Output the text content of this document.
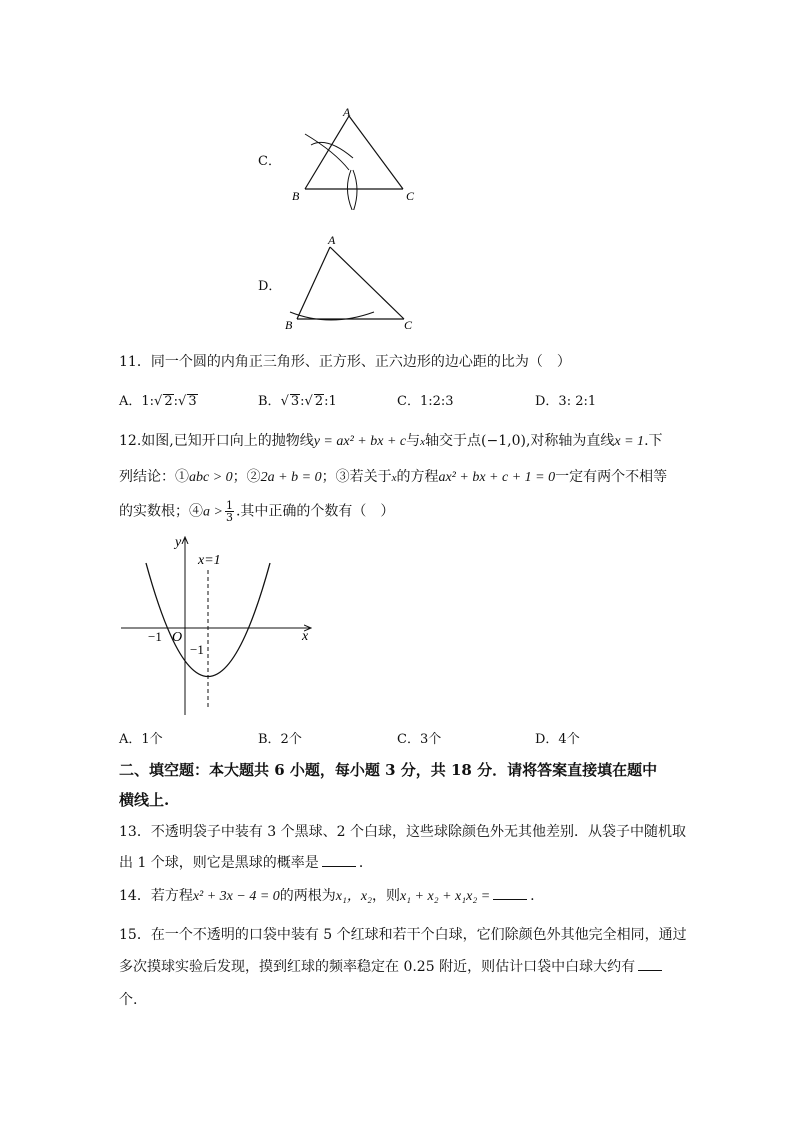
C．
A
B	C
D．
A
B	C
11．同一个圆的内角正三角形、正方形、正六边形的边心距的比为（　）
A．1:√ 2:√ 3	B．√ 3:√ 2:1	C．1:2:3	D．3: 2:1
12.如图,已知开口向上的抛物线y = ax² + bx + c与x轴交于点(−1,0),对称轴为直线x = 1.下
列结论：①abc > 0；②2a + b = 0；③若关于x的方程ax² + bx + c + 1 = 0一定有两个不相等
的实数根；④a > $\frac{1}{3}$ .其中正确的个数有（　）
y
x
x=1
O
−1
−1
A．1个	B．2个	C．3个	D．4个
二、填空题：本大题共 6 小题，每小题 3 分，共 18 分．请将答案直接填在题中
横线上.
13．不透明袋子中装有 3 个黑球、2 个白球，这些球除颜色外无其他差别．从袋子中随机取
出 1 个球，则它是黑球的概率是	．
14．若方程x² + 3x − 4 = 0的两根为x₁，x₂，则x₁ + x₂ + x₁x₂ =	.
15．在一个不透明的口袋中装有 5 个红球和若干个白球，它们除颜色外其他完全相同，通过
多次摸球实验后发现，摸到红球的频率稳定在 0.25 附近，则估计口袋中白球大约有
个.
